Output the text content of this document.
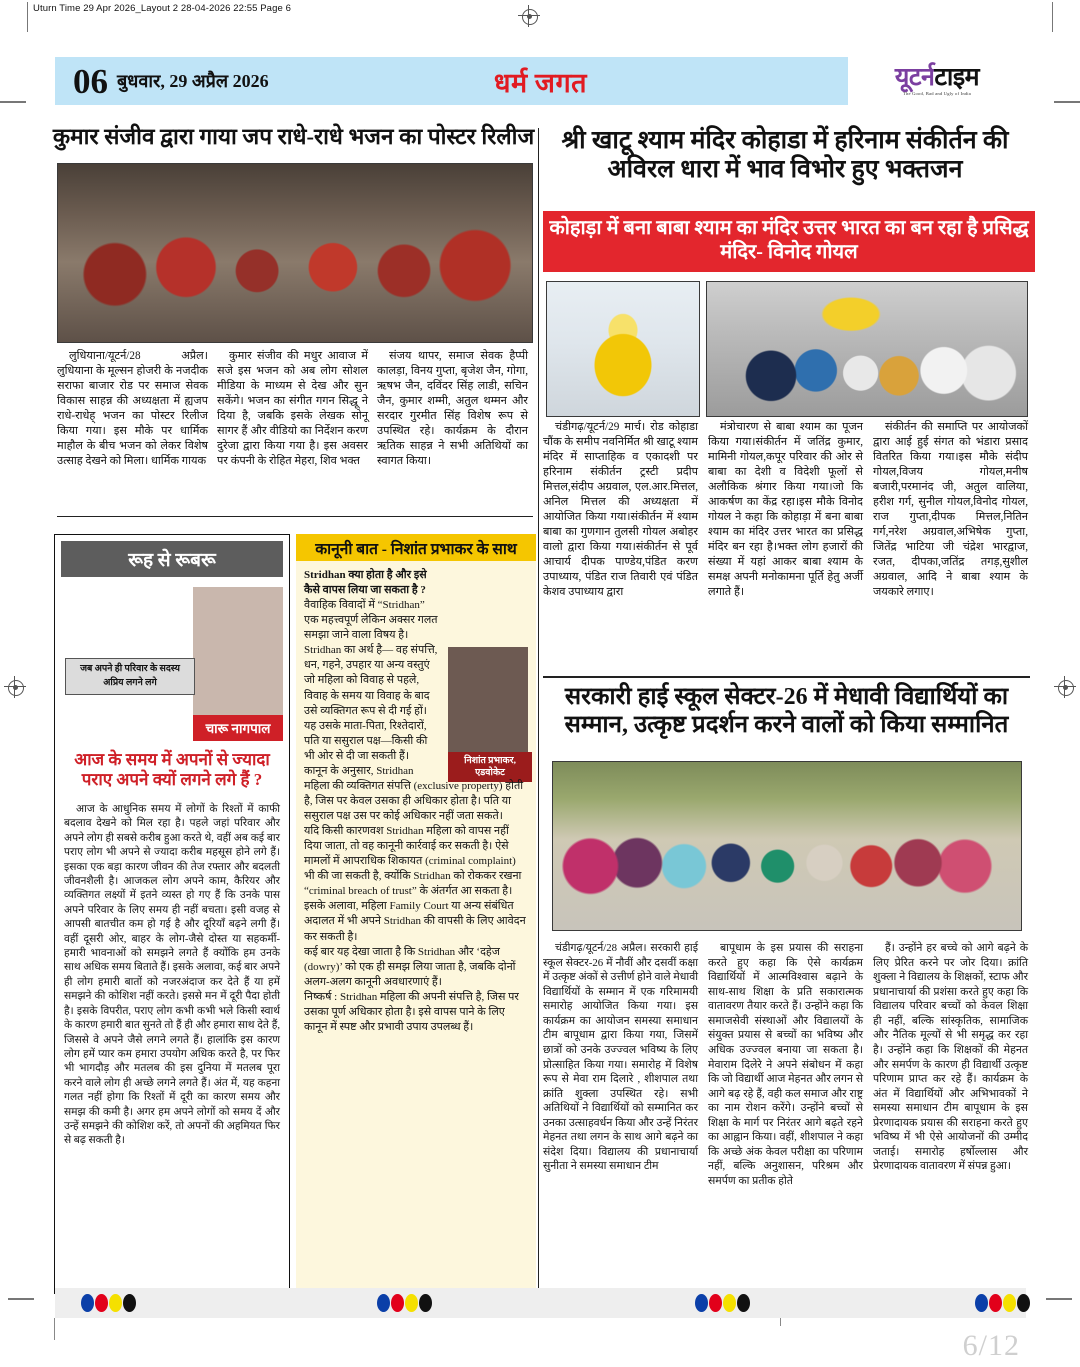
Uturn Time 29 Apr 2026_Layout 2 28-04-2026 22:55 Page 6
6/12
06 बुधवार, 29 अप्रैल 2026	धर्म जगत	यूटर्नटाइम
The Good, Bad and Ugly of India
कुमार संजीव द्वारा गाया जप राधे-राधे भजन का पोस्टर रिलीज

लुधियाना/यूटर्न/28 अप्रैल। लुधियाना के मूल्सन होजरी के नजदीक सराफा बाजार रोड पर समाज सेवक विकास साहन्न की अध्यक्षता में ह्यजप राधे-राधेह् भजन का पोस्टर रिलीज किया गया। इस मौके पर धार्मिक माहौल के बीच भजन को लेकर विशेष उत्साह देखने को मिला। धार्मिक गायक

कुमार संजीव की मधुर आवाज में सजे इस भजन को अब लोग सोशल मीडिया के माध्यम से देख और सुन सकेंगे। भजन का संगीत गगन सिद्धू ने दिया है, जबकि इसके लेखक सोनू सागर हैं और वीडियो का निर्देशन करण दुरेजा द्वारा किया गया है। इस अवसर पर कंपनी के रोहित मेहरा, शिव भक्त

संजय थापर, समाज सेवक हैप्पी कालड़ा, विनय गुप्ता, बृजेश जैन, गोगा, ऋषभ जैन, दविंदर सिंह लाडी, सचिन जैन, कुमार शम्मी, अतुल थम्मन और सरदार गुरमीत सिंह विशेष रूप से उपस्थित रहे। कार्यक्रम के दौरान ऋतिक साहन्न ने सभी अतिथियों का स्वागत किया।

रूह से रूबरू
जब अपने ही परिवार के सदस्य अप्रिय लगने लगे
चारू नागपाल
आज के समय में अपनों से ज्यादा पराए अपने क्यों लगने लगे हैं ?

आज के आधुनिक समय में लोगों के रिश्तों में काफी बदलाव देखने को मिल रहा है। पहले जहां परिवार और अपने लोग ही सबसे करीब हुआ करते थे, वहीं अब कई बार पराए लोग भी अपने से ज्यादा करीब महसूस होने लगे हैं। इसका एक बड़ा कारण जीवन की तेज रफ्तार और बदलती जीवनशैली है। आजकल लोग अपने काम, कैरियर और व्यक्तिगत लक्ष्यों में इतने व्यस्त हो गए हैं कि उनके पास अपने परिवार के लिए समय ही नहीं बचता। इसी वजह से आपसी बातचीत कम हो गई है और दूरियाँ बढ़ने लगी हैं। वहीं दूसरी ओर, बाहर के लोग-जैसे दोस्त या सहकर्मी-हमारी भावनाओं को समझने लगते हैं क्योंकि हम उनके साथ अधिक समय बिताते हैं। इसके अलावा, कई बार अपने ही लोग हमारी बातों को नजरअंदाज कर देते हैं या हमें समझने की कोशिश नहीं करते। इससे मन में दूरी पैदा होती है। इसके विपरीत, पराए लोग कभी कभी भले किसी स्वार्थ के कारण हमारी बात सुनते तो हैं ही और हमारा साथ देते हैं, जिससे वे अपने जैसे लगने लगते हैं। हालांकि इस कारण लोग हमें प्यार कम हमारा उपयोग अधिक करते है, पर फिर भी भागदौड़ और मतलब की इस दुनिया में मतलब पूरा करने वाले लोग ही अच्छे लगने लगते हैं। अंत में, यह कहना गलत नहीं होगा कि रिश्तों में दूरी का कारण समय और समझ की कमी है। अगर हम अपने लोगों को समय दें और उन्हें समझने की कोशिश करें, तो अपनों की अहमियत फिर से बढ़ सकती है।

कानूनी बात - निशांत प्रभाकर के साथ
निशांत प्रभाकर, एडवोकेट

Stridhan क्या होता है और इसे कैसे वापस लिया जा सकता है ?

वैवाहिक विवादों में “Stridhan” एक महत्त्वपूर्ण लेकिन अक्सर गलत समझा जाने वाला विषय है।

Stridhan का अर्थ है— वह संपत्ति, धन, गहने, उपहार या अन्य वस्तुएं जो महिला को विवाह से पहले, विवाह के समय या विवाह के बाद उसे व्यक्तिगत रूप से दी गई हों। यह उसके माता-पिता, रिश्तेदारों, पति या ससुराल पक्ष—किसी की भी ओर से दी जा सकती हैं।

कानून के अनुसार, Stridhan महिला की व्यक्तिगत संपत्ति (exclusive property) होती है, जिस पर केवल उसका ही अधिकार होता है। पति या ससुराल पक्ष उस पर कोई अधिकार नहीं जता सकते।

यदि किसी कारणवश Stridhan महिला को वापस नहीं दिया जाता, तो वह कानूनी कार्रवाई कर सकती है। ऐसे मामलों में आपराधिक शिकायत (criminal complaint) भी की जा सकती है, क्योंकि Stridhan को रोककर रखना “criminal breach of trust” के अंतर्गत आ सकता है।

इसके अलावा, महिला Family Court या अन्य संबंधित अदालत में भी अपने Stridhan की वापसी के लिए आवेदन कर सकती है।

कई बार यह देखा जाता है कि Stridhan और ‘दहेज (dowry)’ को एक ही समझ लिया जाता है, जबकि दोनों अलग-अलग कानूनी अवधारणाएं हैं।

निष्कर्ष : Stridhan महिला की अपनी संपत्ति है, जिस पर उसका पूर्ण अधिकार होता है। इसे वापस पाने के लिए कानून में स्पष्ट और प्रभावी उपाय उपलब्ध हैं।

श्री खाटू श्याम मंदिर कोहाडा में हरिनाम संकीर्तन की अविरल धारा में भाव विभोर हुए भक्तजन
कोहाड़ा में बना बाबा श्याम का मंदिर उत्तर भारत का बन रहा है प्रसिद्ध मंदिर- विनोद गोयल

चंडीगढ़/यूटर्न/29 मार्च। रोड कोहाडा चौंक के समीप नवनिर्मित श्री खाटू श्याम मंदिर में साप्ताहिक व एकादशी पर हरिनाम संकीर्तन ट्रस्टी प्रदीप मित्तल,संदीप अग्रवाल, एल.आर.मित्तल, अनिल मित्तल की अध्यक्षता में आयोजित किया गया।संकीर्तन में श्याम बाबा का गुणगान तुलसी गोयल अबोहर वालो द्वारा किया गया।संकीर्तन से पूर्व आचार्य दीपक पाण्डेय,पंडित करण उपाध्याय, पंडित राज तिवारी एवं पंडित केशव उपाध्याय द्वारा

मंत्रोचारण से बाबा श्याम का पूजन किया गया।संकीर्तन में जतिंद्र कुमार, मामिनी गोयल,कपूर परिवार की ओर से बाबा का देशी व विदेशी फूलों से अलौकिक श्रंगार किया गया।जो कि आकर्षण का केंद्र रहा।इस मौके विनोद गोयल ने कहा कि कोहाड़ा में बना बाबा श्याम का मंदिर उत्तर भारत का प्रसिद्ध मंदिर बन रहा है।भक्त लोग हजारों की संख्या में यहां आकर बाबा श्याम के समक्ष अपनी मनोकामना पूर्ति हेतु अर्जी लगाते हैं।

संकीर्तन की समाप्ति पर आयोजकों द्वारा आई हुई संगत को भंडारा प्रसाद वितरित किया गया।इस मौके संदीप गोयल,विजय गोयल,मनीष बजारी,परमानंद जी, अतुल वालिया, हरीश गर्ग, सुनील गोयल,विनोद गोयल, राज गुप्ता,दीपक मित्तल,नितिन गर्ग,नरेश अग्रवाल,अभिषेक गुप्ता, जितेंद्र भाटिया जी चंद्रेश भारद्वाज, रजत, दीपका,जतिंद्र तगड़,सुशील अग्रवाल, आदि ने बाबा श्याम के जयकारे लगाए।

सरकारी हाई स्कूल सेक्टर-26 में मेधावी विद्यार्थियों का सम्मान, उत्कृष्ट प्रदर्शन करने वालों को किया सम्मानित

चंडीगढ़/यूटर्न/28 अप्रैल। सरकारी हाई स्कूल सेक्टर-26 में नौवीं और दसवीं कक्षा में उत्कृष्ट अंकों से उत्तीर्ण होने वाले मेधावी विद्यार्थियों के सम्मान में एक गरिमामयी समारोह आयोजित किया गया। इस कार्यक्रम का आयोजन समस्या समाधान टीम बापूधाम द्वारा किया गया, जिसमें छात्रों को उनके उज्ज्वल भविष्य के लिए प्रोत्साहित किया गया। समारोह में विशेष रूप से मेवा राम दिलारे , शीशपाल तथा क्रांति शुक्ला उपस्थित रहे। सभी अतिथियों ने विद्यार्थियों को सम्मानित कर उनका उत्साहवर्धन किया और उन्हें निरंतर मेहनत तथा लगन के साथ आगे बढ़ने का संदेश दिया। विद्यालय की प्रधानाचार्या सुनीता ने समस्या समाधान टीम

बापूधाम के इस प्रयास की सराहना करते हुए कहा कि ऐसे कार्यक्रम विद्यार्थियों में आत्मविश्वास बढ़ाने के साथ-साथ शिक्षा के प्रति सकारात्मक वातावरण तैयार करते हैं। उन्होंने कहा कि समाजसेवी संस्थाओं और विद्यालयों के संयुक्त प्रयास से बच्चों का भविष्य और अधिक उज्ज्वल बनाया जा सकता है। मेवाराम दिलेरे ने अपने संबोधन में कहा कि जो विद्यार्थी आज मेहनत और लगन से आगे बढ़ रहे हैं, वही कल समाज और राष्ट्र का नाम रोशन करेंगे। उन्होंने बच्चों से शिक्षा के मार्ग पर निरंतर आगे बढ़ते रहने का आह्वान किया। वहीं, शीशपाल ने कहा कि अच्छे अंक केवल परीक्षा का परिणाम नहीं, बल्कि अनुशासन, परिश्रम और समर्पण का प्रतीक होते

हैं। उन्होंने हर बच्चे को आगे बढ़ने के लिए प्रेरित करने पर जोर दिया। क्रांति शुक्ला ने विद्यालय के शिक्षकों, स्टाफ और प्रधानाचार्या की प्रशंसा करते हुए कहा कि विद्यालय परिवार बच्चों को केवल शिक्षा ही नहीं, बल्कि सांस्कृतिक, सामाजिक और नैतिक मूल्यों से भी समृद्ध कर रहा है। उन्होंने कहा कि शिक्षकों की मेहनत और समर्पण के कारण ही विद्यार्थी उत्कृष्ट परिणाम प्राप्त कर रहे हैं। कार्यक्रम के अंत में विद्यार्थियों और अभिभावकों ने समस्या समाधान टीम बापूधाम के इस प्रेरणादायक प्रयास की सराहना करते हुए भविष्य में भी ऐसे आयोजनों की उम्मीद जताई। समारोह हर्षोल्लास और प्रेरणादायक वातावरण में संपन्न हुआ।
